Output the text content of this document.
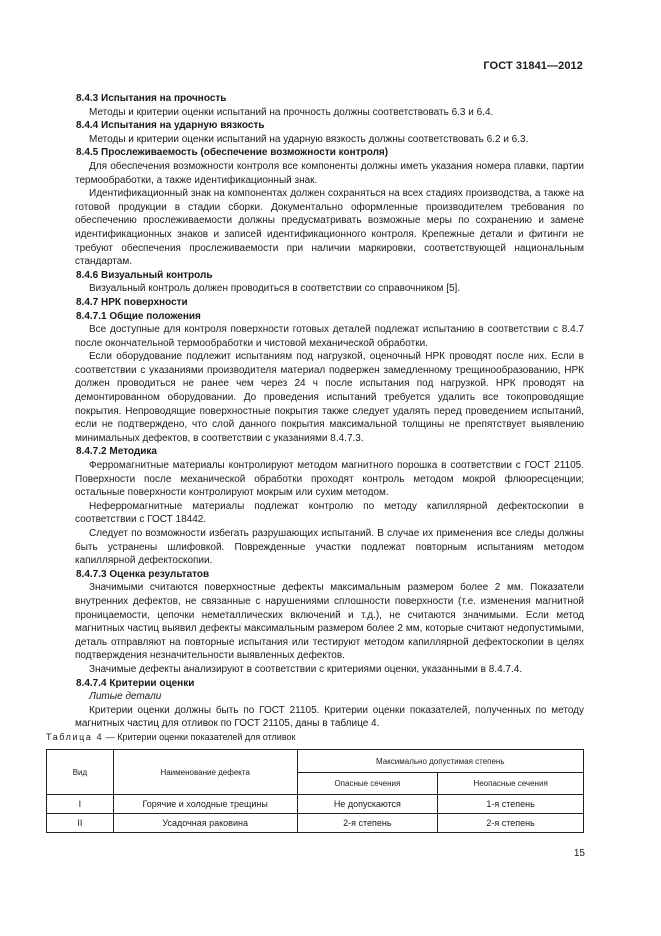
ГОСТ 31841—2012
8.4.3 Испытания на прочность
Методы и критерии оценки испытаний на прочность должны соответствовать 6.3 и 6.4.
8.4.4 Испытания на ударную вязкость
Методы и критерии оценки испытаний на ударную вязкость должны соответствовать 6.2 и 6.3.
8.4.5 Прослеживаемость (обеспечение возможности контроля)
Для обеспечения возможности контроля все компоненты должны иметь указания номера плавки, партии термообработки, а также идентификационный знак.
Идентификационный знак на компонентах должен сохраняться на всех стадиях производства, а также на готовой продукции в стадии сборки. Документально оформленные производителем требования по обеспечению прослеживаемости должны предусматривать возможные меры по сохранению и замене идентификационных знаков и записей идентификационного контроля. Крепежные детали и фитинги не требуют обеспечения прослеживаемости при наличии маркировки, соответствующей национальным стандартам.
8.4.6 Визуальный контроль
Визуальный контроль должен проводиться в соответствии со справочником [5].
8.4.7 НРК поверхности
8.4.7.1 Общие положения
Все доступные для контроля поверхности готовых деталей подлежат испытанию в соответствии с 8.4.7 после окончательной термообработки и чистовой механической обработки.
Если оборудование подлежит испытаниям под нагрузкой, оценочный НРК проводят после них. Если в соответствии с указаниями производителя материал подвержен замедленному трещинообразованию, НРК должен проводиться не ранее чем через 24 ч после испытания под нагрузкой. НРК проводят на демонтированном оборудовании. До проведения испытаний требуется удалить все токопроводящие покрытия. Непроводящие поверхностные покрытия также следует удалять перед проведением испытаний, если не подтверждено, что слой данного покрытия максимальной толщины не препятствует выявлению минимальных дефектов, в соответствии с указаниями 8.4.7.3.
8.4.7.2 Методика
Ферромагнитные материалы контролируют методом магнитного порошка в соответствии с ГОСТ 21105. Поверхности после механической обработки проходят контроль методом мокрой флюоресценции; остальные поверхности контролируют мокрым или сухим методом.
Неферромагнитные материалы подлежат контролю по методу капиллярной дефектоскопии в соответствии с ГОСТ 18442.
Следует по возможности избегать разрушающих испытаний. В случае их применения все следы должны быть устранены шлифовкой. Поврежденные участки подлежат повторным испытаниям методом капиллярной дефектоскопии.
8.4.7.3 Оценка результатов
Значимыми считаются поверхностные дефекты максимальным размером более 2 мм. Показатели внутренних дефектов, не связанные с нарушениями сплошности поверхности (т.е. изменения магнитной проницаемости, цепочки неметаллических включений и т.д.), не считаются значимыми. Если метод магнитных частиц выявил дефекты максимальным размером более 2 мм, которые считают недопустимыми, деталь отправляют на повторные испытания или тестируют методом капиллярной дефектоскопии в целях подтверждения незначительности выявленных дефектов.
Значимые дефекты анализируют в соответствии с критериями оценки, указанными в 8.4.7.4.
8.4.7.4 Критерии оценки
Литые детали
Критерии оценки должны быть по ГОСТ 21105. Критерии оценки показателей, полученных по методу магнитных частиц для отливок по ГОСТ 21105, даны в таблице 4.
Таблица 4 — Критерии оценки показателей для отливок
Вид	Наименование дефекта	Максимально допустимая степень	
		Опасные сечения	Неопасные сечения
I	Горячие и холодные трещины	Не допускаются	1-я степень
II	Усадочная раковина	2-я степень	2-я степень
15
